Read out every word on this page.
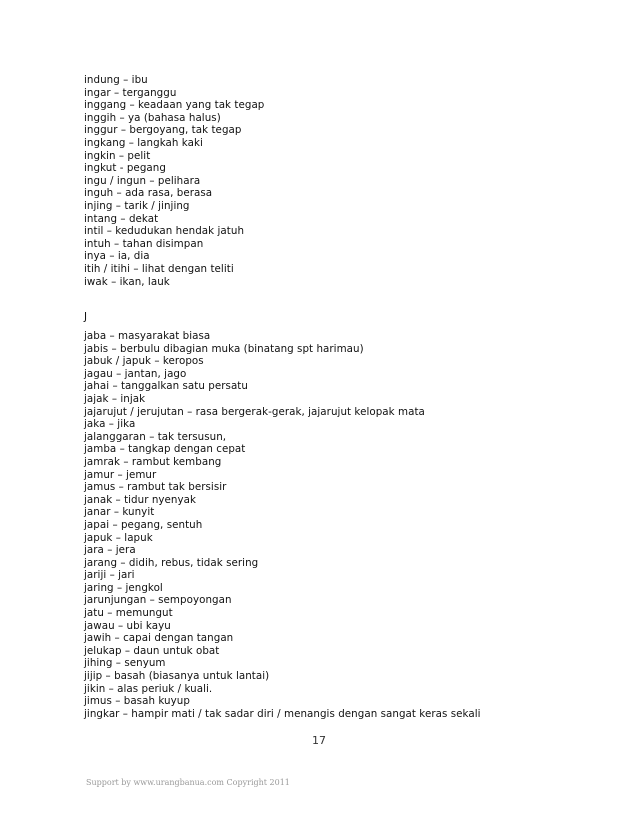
indung – ibu
ingar – terganggu
inggang – keadaan yang tak tegap
inggih – ya (bahasa halus)
inggur – bergoyang, tak tegap
ingkang – langkah kaki
ingkin – pelit
ingkut - pegang
ingu / ingun – pelihara
inguh – ada rasa, berasa
injing – tarik / jinjing
intang – dekat
intil – kedudukan hendak jatuh
intuh – tahan disimpan
inya – ia, dia
itih / itihi – lihat dengan teliti
iwak – ikan, lauk
J
jaba – masyarakat biasa
jabis – berbulu dibagian muka (binatang spt harimau)
jabuk / japuk – keropos
jagau – jantan, jago
jahai – tanggalkan satu persatu
jajak – injak
jajarujut / jerujutan – rasa bergerak-gerak, jajarujut kelopak mata
jaka – jika
jalanggaran – tak tersusun,
jamba – tangkap dengan cepat
jamrak – rambut kembang
jamur – jemur
jamus – rambut tak bersisir
janak – tidur nyenyak
janar – kunyit
japai – pegang, sentuh
japuk – lapuk
jara – jera
jarang – didih, rebus, tidak sering
jariji – jari
jaring – jengkol
jarunjungan – sempoyongan
jatu – memungut
jawau – ubi kayu
jawih – capai dengan tangan
jelukap – daun untuk obat
jihing – senyum
jijip – basah (biasanya untuk lantai)
jikin – alas periuk / kuali.
jimus – basah kuyup
jingkar – hampir mati / tak sadar diri / menangis dengan sangat keras sekali
17
Support by www.urangbanua.com Copyright 2011
